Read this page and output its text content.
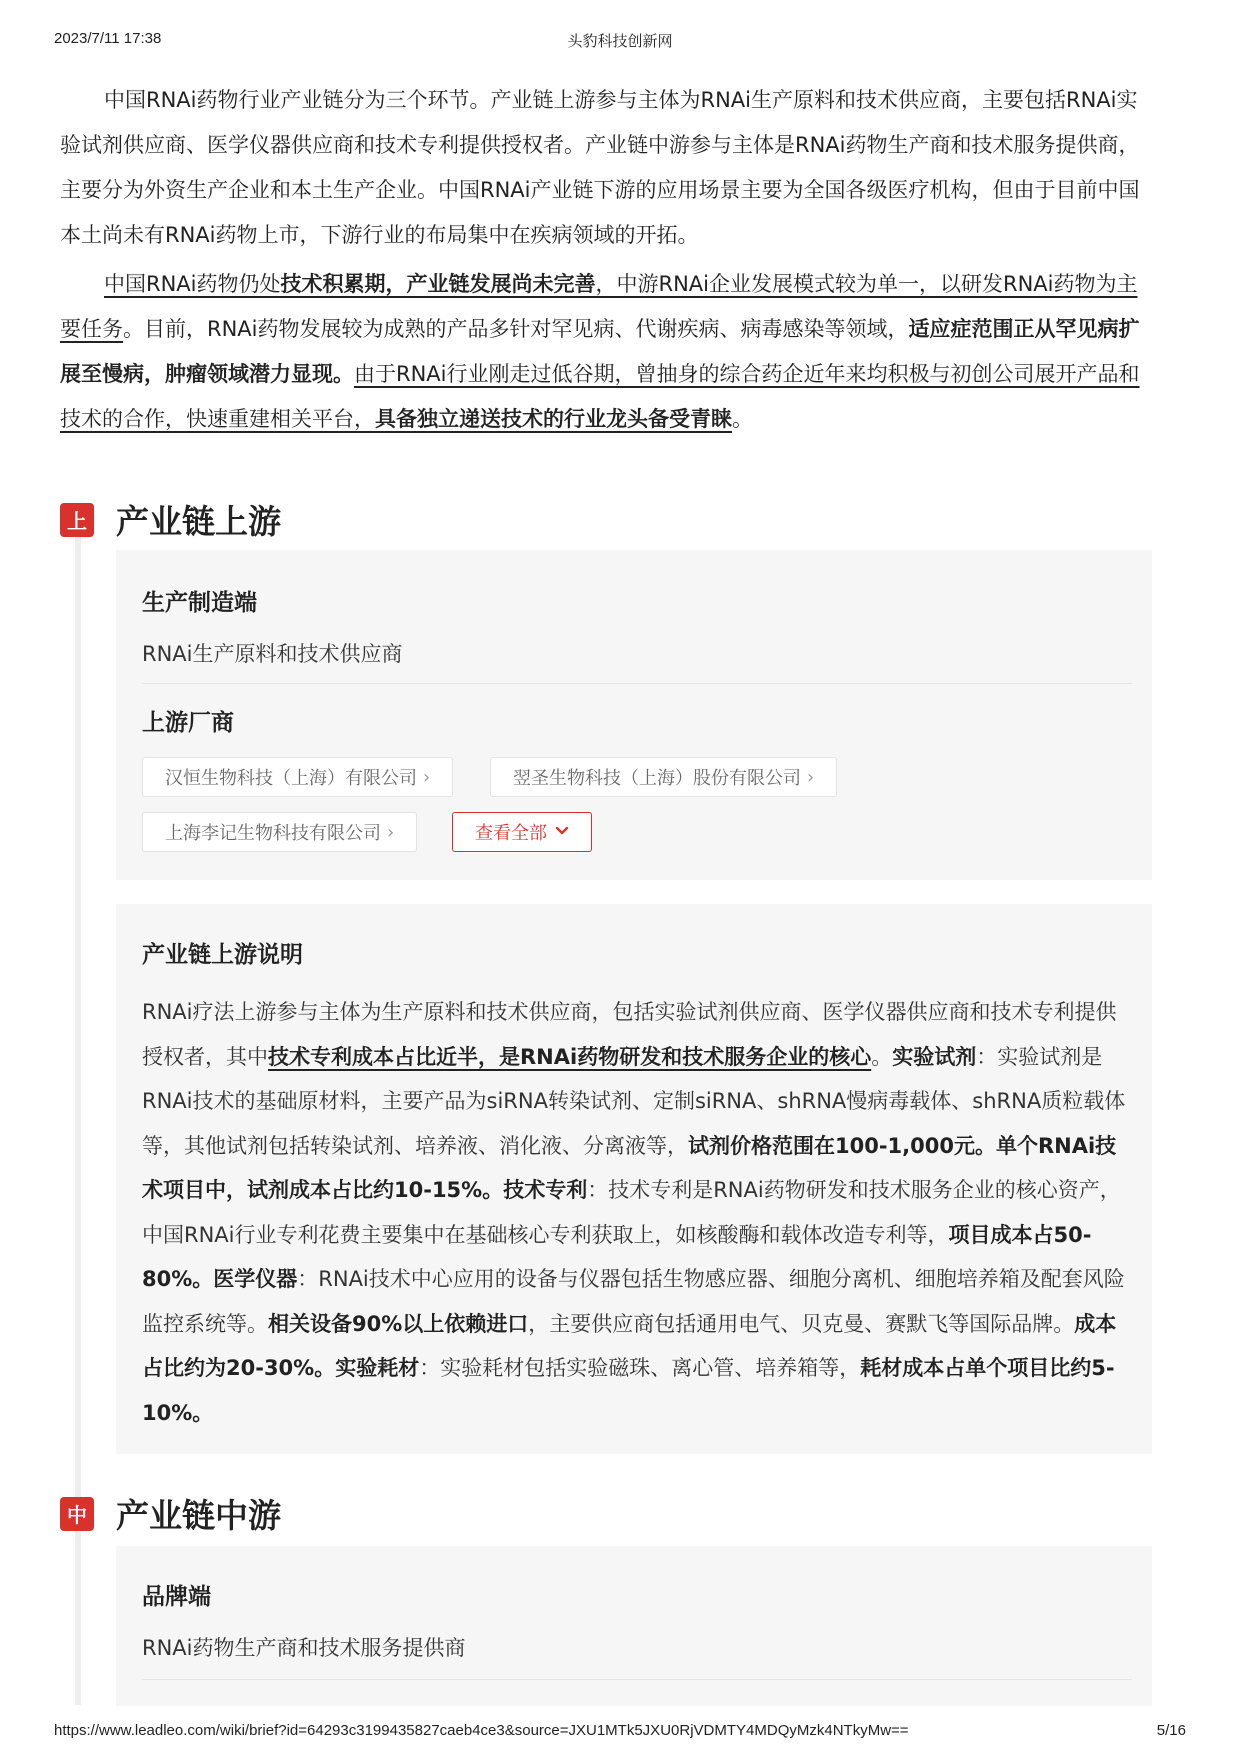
2023/7/11 17:38	头豹科技创新网

中国RNAi药物行业产业链分为三个环节。产业链上游参与主体为RNAi生产原料和技术供应商，主要包括RNAi实验试剂供应商、医学仪器供应商和技术专利提供授权者。产业链中游参与主体是RNAi药物生产商和技术服务提供商，主要分为外资生产企业和本土生产企业。中国RNAi产业链下游的应用场景主要为全国各级医疗机构，但由于目前中国本土尚未有RNAi药物上市，下游行业的布局集中在疾病领域的开拓。

中国RNAi药物仍处技术积累期，产业链发展尚未完善，中游RNAi企业发展模式较为单一，以研发RNAi药物为主要任务。目前，RNAi药物发展较为成熟的产品多针对罕见病、代谢疾病、病毒感染等领域，适应症范围正从罕见病扩展至慢病，肿瘤领域潜力显现。由于RNAi行业刚走过低谷期，曾抽身的综合药企近年来均积极与初创公司展开产品和技术的合作，快速重建相关平台，具备独立递送技术的行业龙头备受青睐。

上 产业链上游
生产制造端
RNAi生产原料和技术供应商
上游厂商
汉恒生物科技（上海）有限公司 ›	翌圣生物科技（上海）股份有限公司 ›
上海李记生物科技有限公司 ›	查看全部
产业链上游说明

RNAi疗法上游参与主体为生产原料和技术供应商，包括实验试剂供应商、医学仪器供应商和技术专利提供授权者，其中技术专利成本占比近半，是RNAi药物研发和技术服务企业的核心。实验试剂：实验试剂是RNAi技术的基础原材料，主要产品为siRNA转染试剂、定制siRNA、shRNA慢病毒载体、shRNA质粒载体等，其他试剂包括转染试剂、培养液、消化液、分离液等，试剂价格范围在100-1,000元。单个RNAi技术项目中，试剂成本占比约10-15%。技术专利：技术专利是RNAi药物研发和技术服务企业的核心资产，中国RNAi行业专利花费主要集中在基础核心专利获取上，如核酸酶和载体改造专利等，项目成本占50-80%。医学仪器：RNAi技术中心应用的设备与仪器包括生物感应器、细胞分离机、细胞培养箱及配套风险监控系统等。相关设备90%以上依赖进口，主要供应商包括通用电气、贝克曼、赛默飞等国际品牌。成本占比约为20-30%。实验耗材：实验耗材包括实验磁珠、离心管、培养箱等，耗材成本占单个项目比约5-10%。

中 产业链中游
品牌端
RNAi药物生产商和技术服务提供商
https://www.leadleo.com/wiki/brief?id=64293c3199435827caeb4ce3&source=JXU1MTk5JXU0RjVDMTY4MDQyMzk4NTkyMw==	5/16
